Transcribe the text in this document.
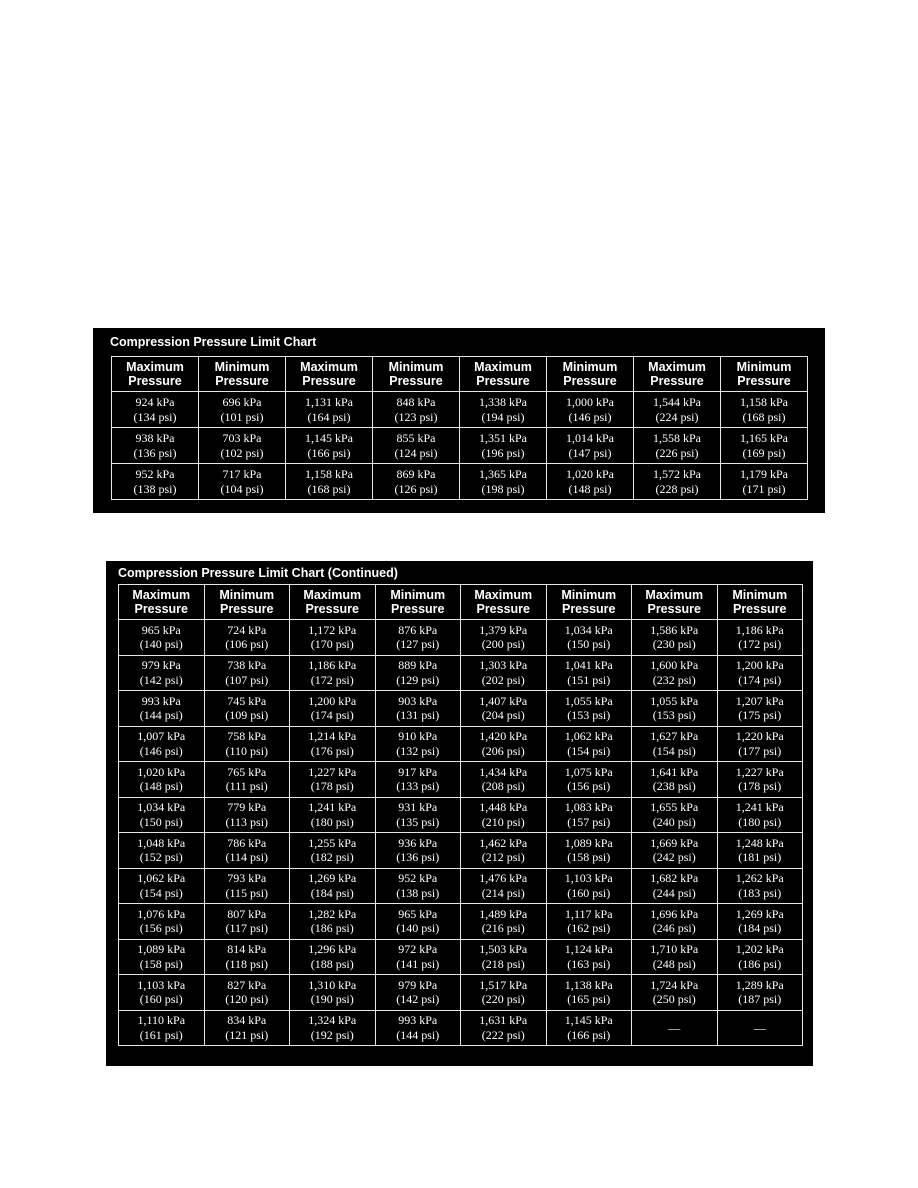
Compression Pressure Limit Chart
Maximum
Pressure	Minimum
Pressure	Maximum
Pressure	Minimum
Pressure	Maximum
Pressure	Minimum
Pressure	Maximum
Pressure	Minimum
Pressure

924 kPa
(134 psi)	696 kPa
(101 psi)	1,131 kPa
(164 psi)	848 kPa
(123 psi)	1,338 kPa
(194 psi)	1,000 kPa
(146 psi)	1,544 kPa
(224 psi)	1,158 kPa
(168 psi)

938 kPa
(136 psi)	703 kPa
(102 psi)	1,145 kPa
(166 psi)	855 kPa
(124 psi)	1,351 kPa
(196 psi)	1,014 kPa
(147 psi)	1,558 kPa
(226 psi)	1,165 kPa
(169 psi)

952 kPa
(138 psi)	717 kPa
(104 psi)	1,158 kPa
(168 psi)	869 kPa
(126 psi)	1,365 kPa
(198 psi)	1,020 kPa
(148 psi)	1,572 kPa
(228 psi)	1,179 kPa
(171 psi)
Compression Pressure Limit Chart (Continued)
Maximum
Pressure	Minimum
Pressure	Maximum
Pressure	Minimum
Pressure	Maximum
Pressure	Minimum
Pressure	Maximum
Pressure	Minimum
Pressure

965 kPa
(140 psi)	724 kPa
(106 psi)	1,172 kPa
(170 psi)	876 kPa
(127 psi)	1,379 kPa
(200 psi)	1,034 kPa
(150 psi)	1,586 kPa
(230 psi)	1,186 kPa
(172 psi)

979 kPa
(142 psi)	738 kPa
(107 psi)	1,186 kPa
(172 psi)	889 kPa
(129 psi)	1,303 kPa
(202 psi)	1,041 kPa
(151 psi)	1,600 kPa
(232 psi)	1,200 kPa
(174 psi)

993 kPa
(144 psi)	745 kPa
(109 psi)	1,200 kPa
(174 psi)	903 kPa
(131 psi)	1,407 kPa
(204 psi)	1,055 kPa
(153 psi)	1,055 kPa
(153 psi)	1,207 kPa
(175 psi)

1,007 kPa
(146 psi)	758 kPa
(110 psi)	1,214 kPa
(176 psi)	910 kPa
(132 psi)	1,420 kPa
(206 psi)	1,062 kPa
(154 psi)	1,627 kPa
(154 psi)	1,220 kPa
(177 psi)

1,020 kPa
(148 psi)	765 kPa
(111 psi)	1,227 kPa
(178 psi)	917 kPa
(133 psi)	1,434 kPa
(208 psi)	1,075 kPa
(156 psi)	1,641 kPa
(238 psi)	1,227 kPa
(178 psi)

1,034 kPa
(150 psi)	779 kPa
(113 psi)	1,241 kPa
(180 psi)	931 kPa
(135 psi)	1,448 kPa
(210 psi)	1,083 kPa
(157 psi)	1,655 kPa
(240 psi)	1,241 kPa
(180 psi)

1,048 kPa
(152 psi)	786 kPa
(114 psi)	1,255 kPa
(182 psi)	936 kPa
(136 psi)	1,462 kPa
(212 psi)	1,089 kPa
(158 psi)	1,669 kPa
(242 psi)	1,248 kPa
(181 psi)

1,062 kPa
(154 psi)	793 kPa
(115 psi)	1,269 kPa
(184 psi)	952 kPa
(138 psi)	1,476 kPa
(214 psi)	1,103 kPa
(160 psi)	1,682 kPa
(244 psi)	1,262 kPa
(183 psi)

1,076 kPa
(156 psi)	807 kPa
(117 psi)	1,282 kPa
(186 psi)	965 kPa
(140 psi)	1,489 kPa
(216 psi)	1,117 kPa
(162 psi)	1,696 kPa
(246 psi)	1,269 kPa
(184 psi)

1,089 kPa
(158 psi)	814 kPa
(118 psi)	1,296 kPa
(188 psi)	972 kPa
(141 psi)	1,503 kPa
(218 psi)	1,124 kPa
(163 psi)	1,710 kPa
(248 psi)	1,202 kPa
(186 psi)

1,103 kPa
(160 psi)	827 kPa
(120 psi)	1,310 kPa
(190 psi)	979 kPa
(142 psi)	1,517 kPa
(220 psi)	1,138 kPa
(165 psi)	1,724 kPa
(250 psi)	1,289 kPa
(187 psi)

1,110 kPa
(161 psi)	834 kPa
(121 psi)	1,324 kPa
(192 psi)	993 kPa
(144 psi)	1,631 kPa
(222 psi)	1,145 kPa
(166 psi)	—	—
